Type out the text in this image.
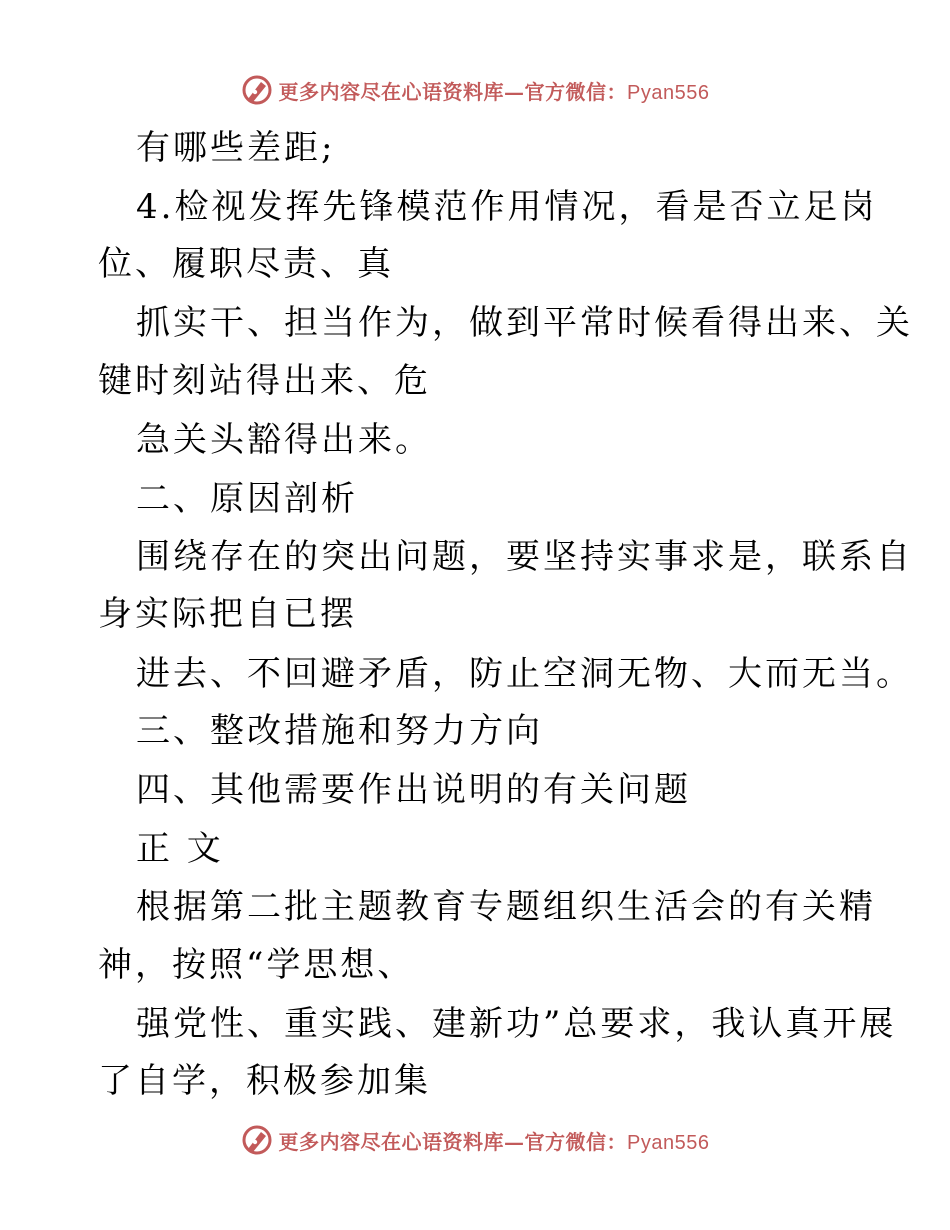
更多内容尽在心语资料库—官方微信：Pyan556
有哪些差距;
4.检视发挥先锋模范作用情况，看是否立足岗
位、履职尽责、真
抓实干、担当作为，做到平常时候看得出来、关
键时刻站得出来、危
急关头豁得出来。
二、原因剖析
围绕存在的突出问题，要坚持实事求是，联系自
身实际把自已摆
进去、不回避矛盾，防止空洞无物、大而无当。
三、整改措施和努力方向
四、其他需要作出说明的有关问题
正 文
根据第二批主题教育专题组织生活会的有关精
神，按照“学思想、
强党性、重实践、建新功”总要求，我认真开展
了自学，积极参加集
更多内容尽在心语资料库—官方微信：Pyan556
